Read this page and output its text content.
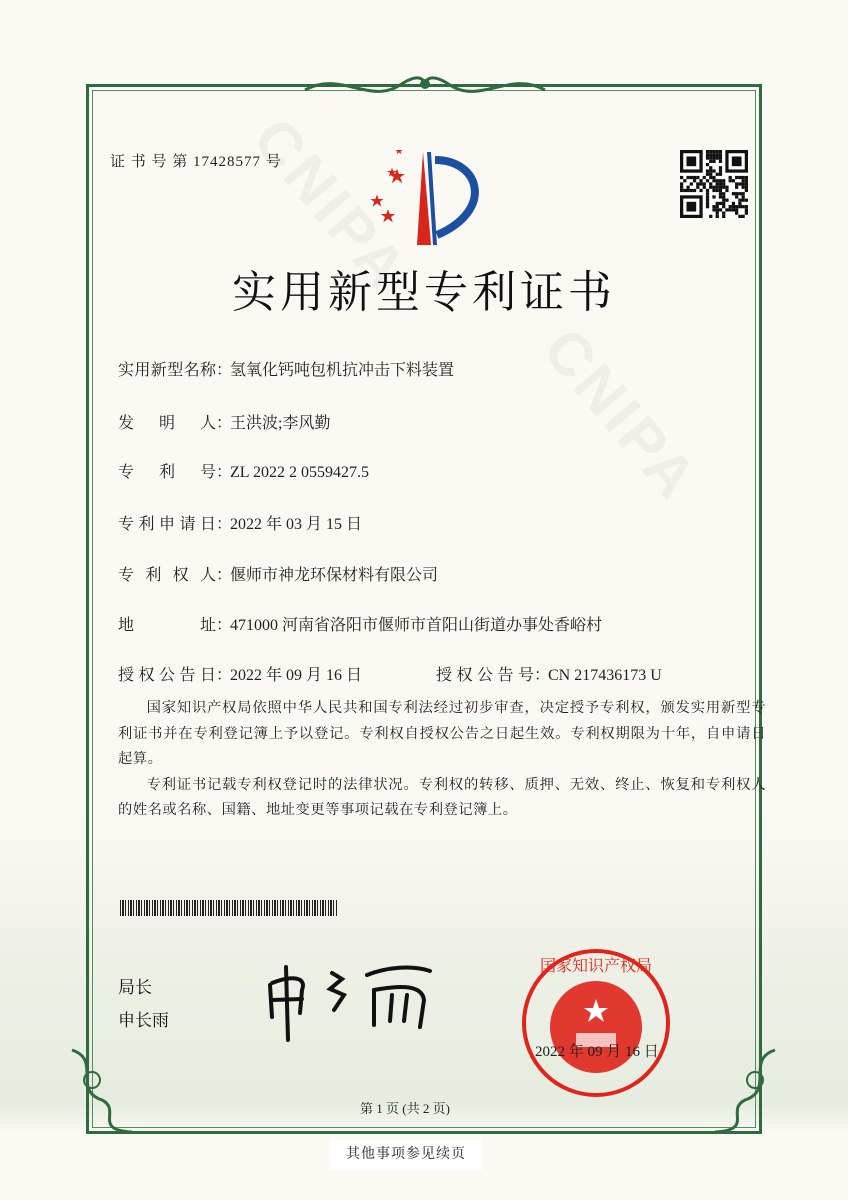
证 书 号 第 17428577 号
实用新型专利证书
实用新型名称：氢氧化钙吨包机抗冲击下料装置
发明人：王洪波;李风勤
专利号：ZL 2022 2 0559427.5
专利申请日：2022 年 03 月 15 日
专利权人：偃师市神龙环保材料有限公司
地址：471000 河南省洛阳市偃师市首阳山街道办事处香峪村
授权公告日：2022 年 09 月 16 日	授权公告号：CN 217436173 U

国家知识产权局依照中华人民共和国专利法经过初步审查，决定授予专利权，颁发实用新型专利证书并在专利登记簿上予以登记。专利权自授权公告之日起生效。专利权期限为十年，自申请日起算。

专利证书记载专利权登记时的法律状况。专利权的转移、质押、无效、终止、恢复和专利权人的姓名或名称、国籍、地址变更等事项记载在专利登记簿上。

局长
申长雨
国家知识产权局
2022 年 09 月 16 日
第 1 页 (共 2 页)
其他事项参见续页
